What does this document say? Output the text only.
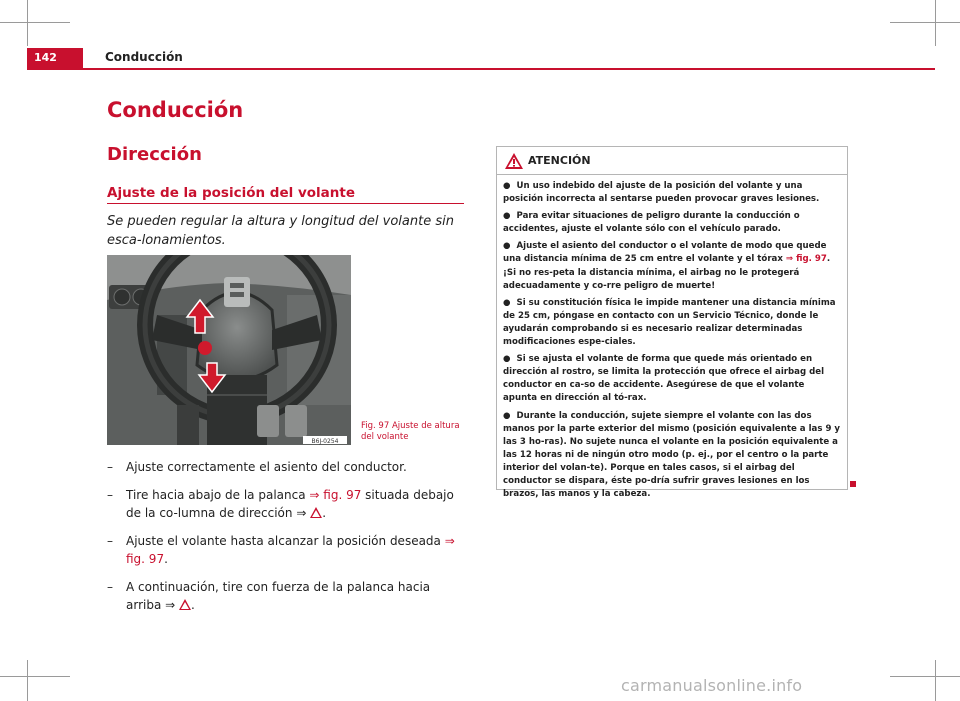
142	Conducción
Conducción
Dirección
Ajuste de la posición del volante
Se pueden regular la altura y longitud del volante sin esca-lonamientos.
B6J-0254
Fig. 97 Ajuste de altura del volante
– Ajuste correctamente el asiento del conductor.
– Tire hacia abajo de la palanca ⇒ fig. 97 situada debajo de la co-lumna de dirección ⇒ .
– Ajuste el volante hasta alcanzar la posición deseada ⇒ fig. 97.
– A continuación, tire con fuerza de la palanca hacia arriba ⇒ .
ATENCIÓN
● Un uso indebido del ajuste de la posición del volante y una posición incorrecta al sentarse pueden provocar graves lesiones.
● Para evitar situaciones de peligro durante la conducción o accidentes, ajuste el volante sólo con el vehículo parado.
● Ajuste el asiento del conductor o el volante de modo que quede una distancia mínima de 25 cm entre el volante y el tórax ⇒ fig. 97. ¡Si no res-peta la distancia mínima, el airbag no le protegerá adecuadamente y co-rre peligro de muerte!
● Si su constitución física le impide mantener una distancia mínima de 25 cm, póngase en contacto con un Servicio Técnico, donde le ayudarán comprobando si es necesario realizar determinadas modificaciones espe-ciales.
● Si se ajusta el volante de forma que quede más orientado en dirección al rostro, se limita la protección que ofrece el airbag del conductor en ca-so de accidente. Asegúrese de que el volante apunta en dirección al tó-rax.
● Durante la conducción, sujete siempre el volante con las dos manos por la parte exterior del mismo (posición equivalente a las 9 y las 3 ho-ras). No sujete nunca el volante en la posición equivalente a las 12 horas ni de ningún otro modo (p. ej., por el centro o la parte interior del volan-te). Porque en tales casos, si el airbag del conductor se dispara, éste po-dría sufrir graves lesiones en los brazos, las manos y la cabeza.
carmanualsonline.info
